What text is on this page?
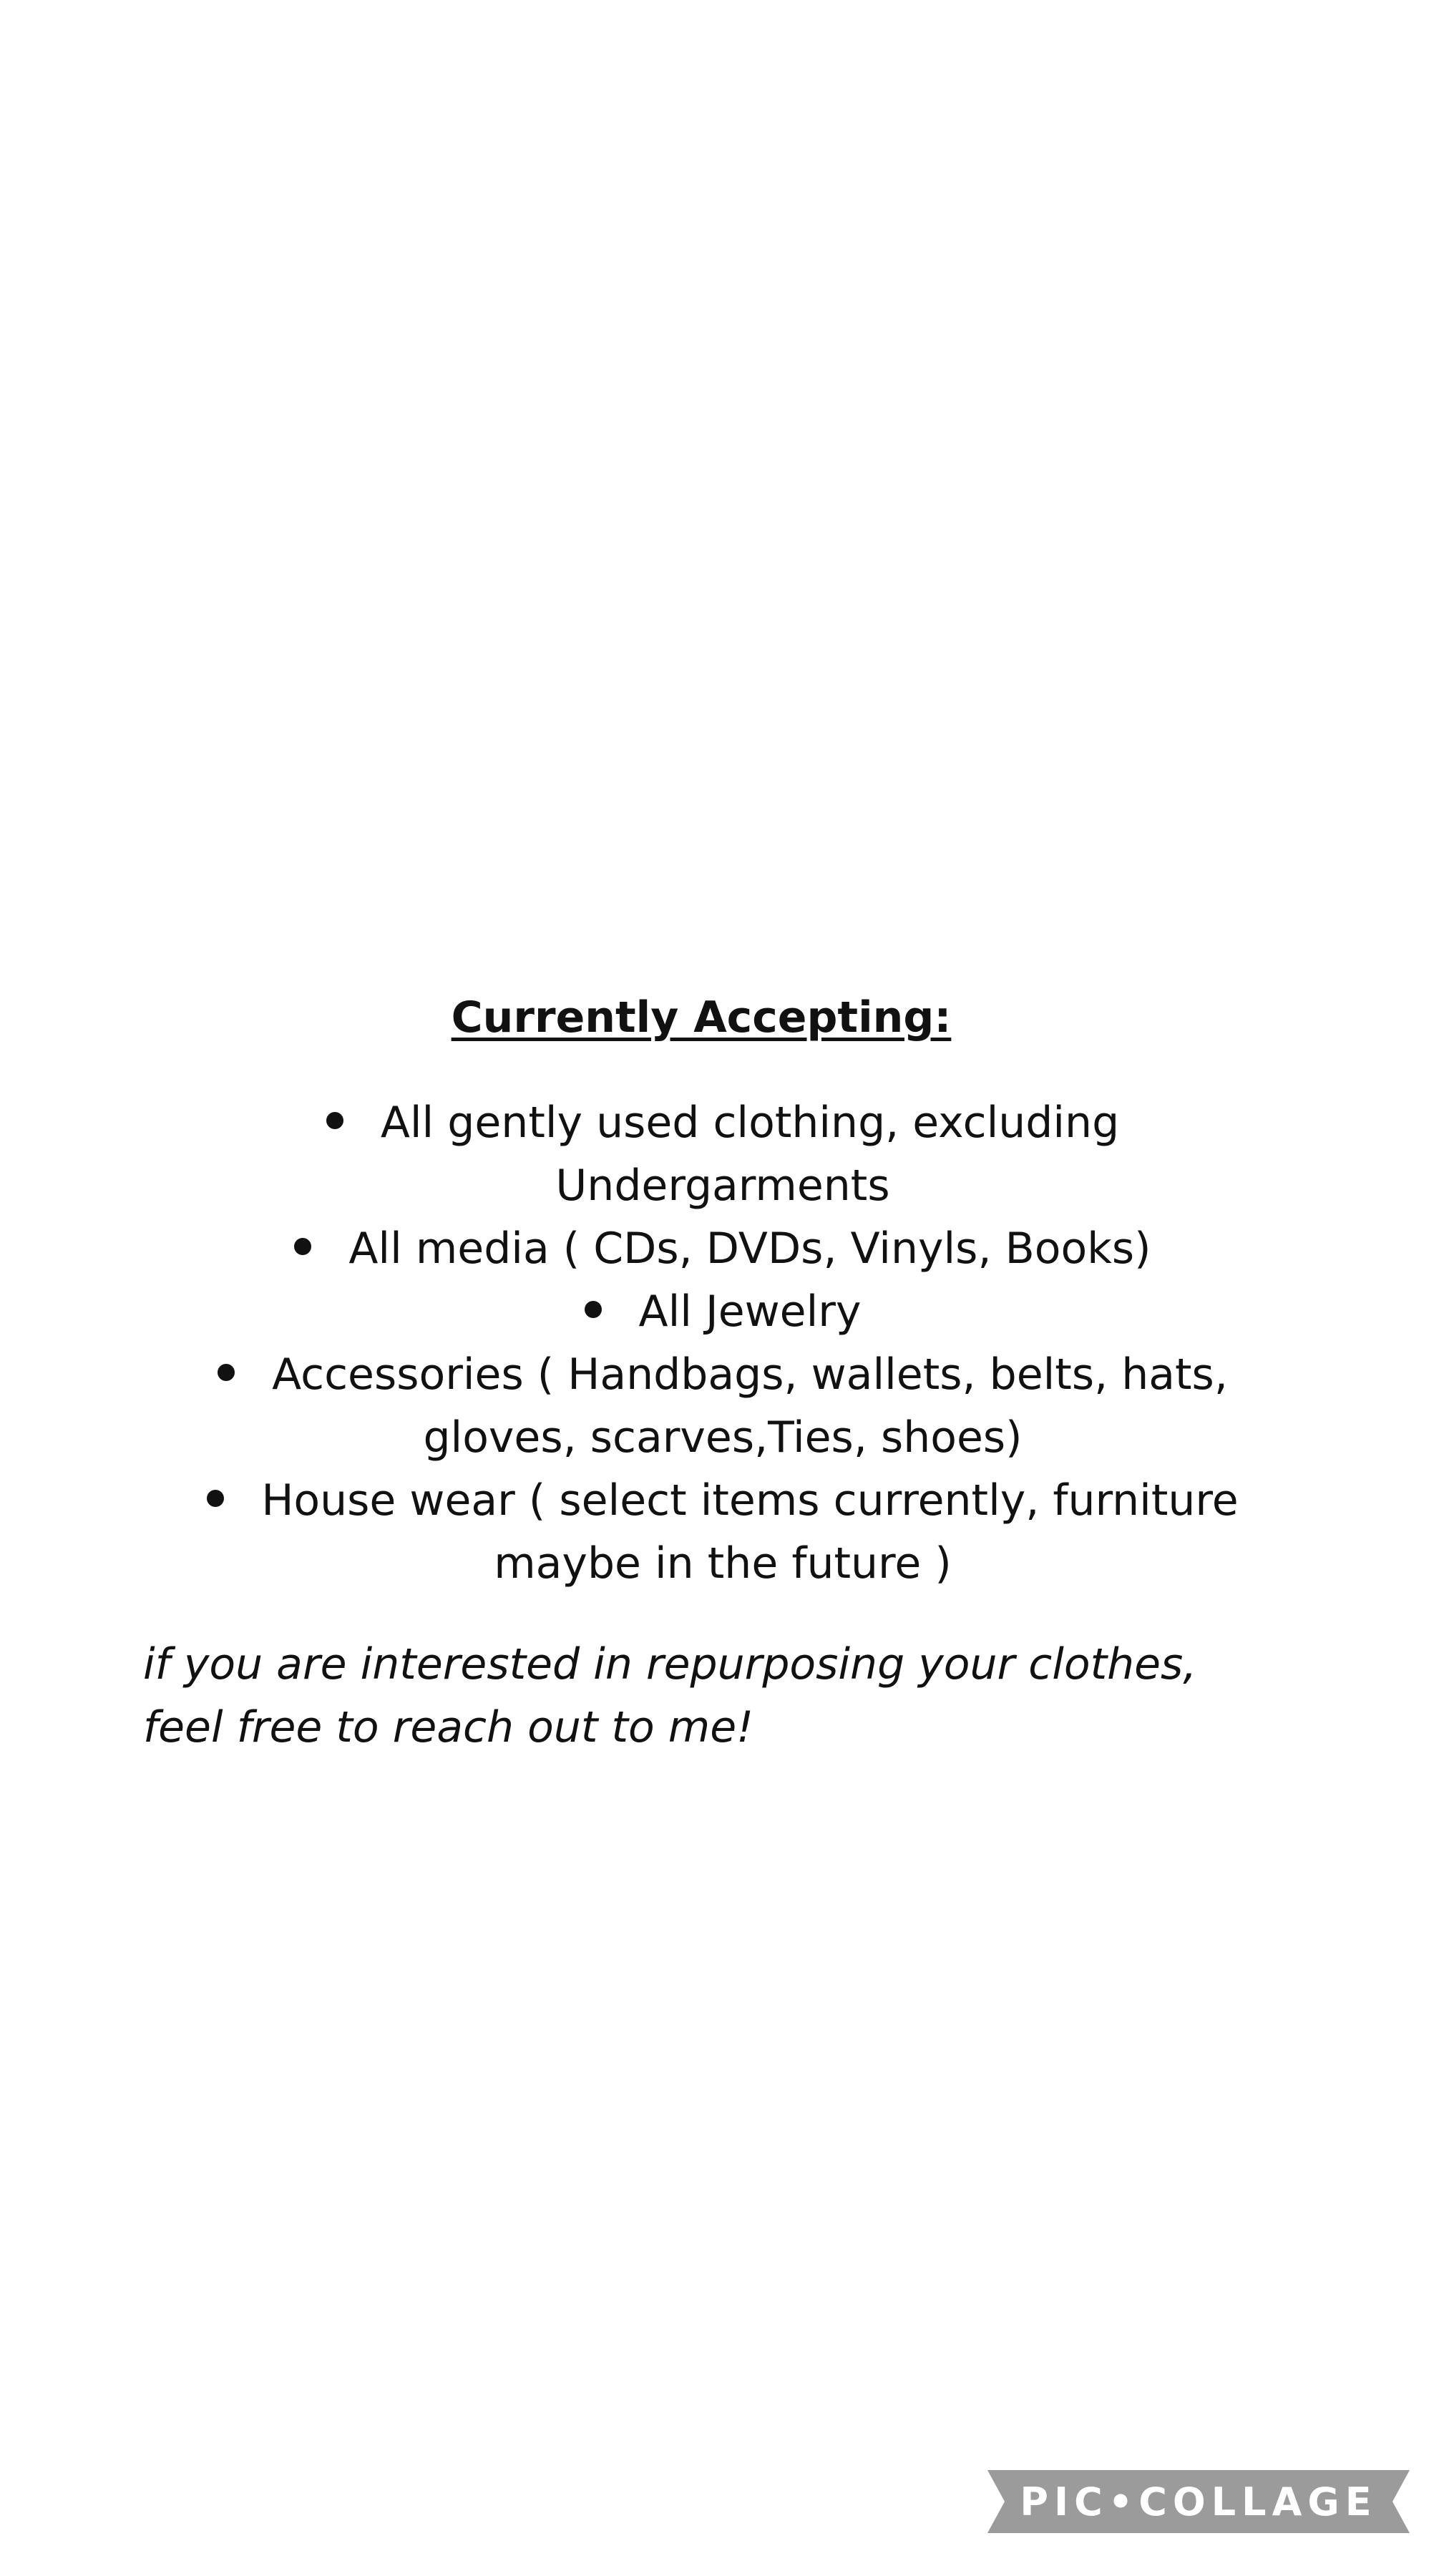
Currently Accepting:
All gently used clothing, excluding
Undergarments
All media ( CDs, DVDs, Vinyls, Books)
All Jewelry
Accessories ( Handbags, wallets, belts, hats,
gloves, scarves,Ties, shoes)
House wear ( select items currently, furniture
maybe in the future )
if you are interested in repurposing your clothes,
feel free to reach out to me!
PIC•COLLAGE
